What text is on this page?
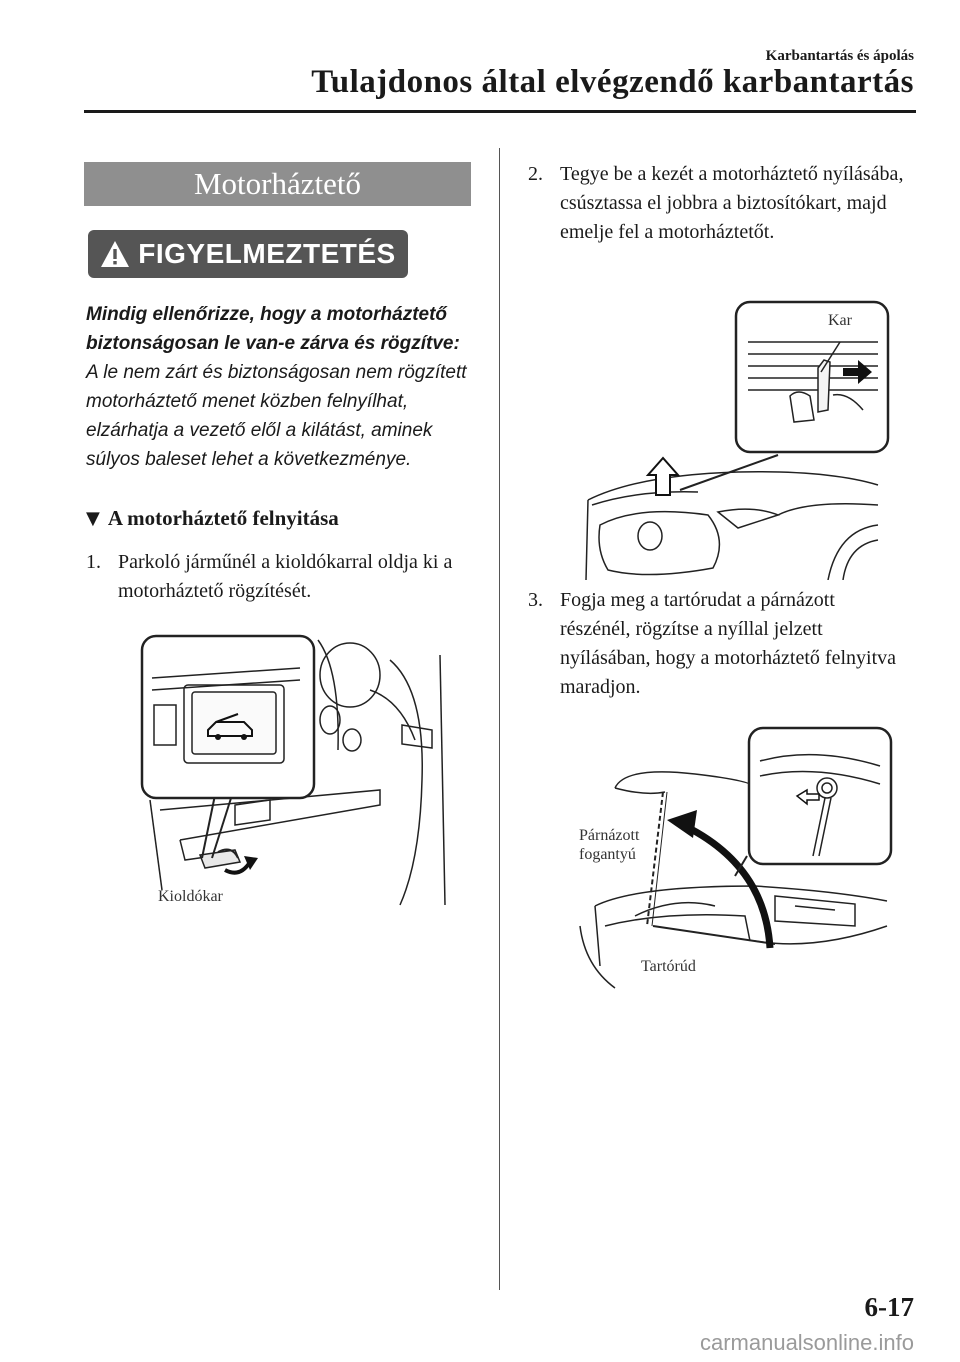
Karbantartás és ápolás
Tulajdonos által elvégzendő karbantartás
Motorháztető
FIGYELMEZTETÉS
Mindig ellenőrizze, hogy a motorháztető biztonságosan le van-e zárva és rögzítve:
A le nem zárt és biztonságosan nem rögzített motorháztető menet közben felnyílhat, elzárhatja a vezető elől a kilátást, aminek súlyos baleset lehet a következménye.
▼ A motorháztető felnyitása
1. Parkoló járműnél a kioldókarral oldja ki a motorháztető rögzítését.
Kioldókar
2. Tegye be a kezét a motorháztető nyílásába, csúsztassa el jobbra a biztosítókart, majd emelje fel a motorháztetőt.
Kar
3. Fogja meg a tartórudat a párnázott részénél, rögzítse a nyíllal jelzett nyílásában, hogy a motorháztető felnyitva maradjon.
Párnázott
fogantyú
Tartórúd
6-17
carmanualsonline.info
